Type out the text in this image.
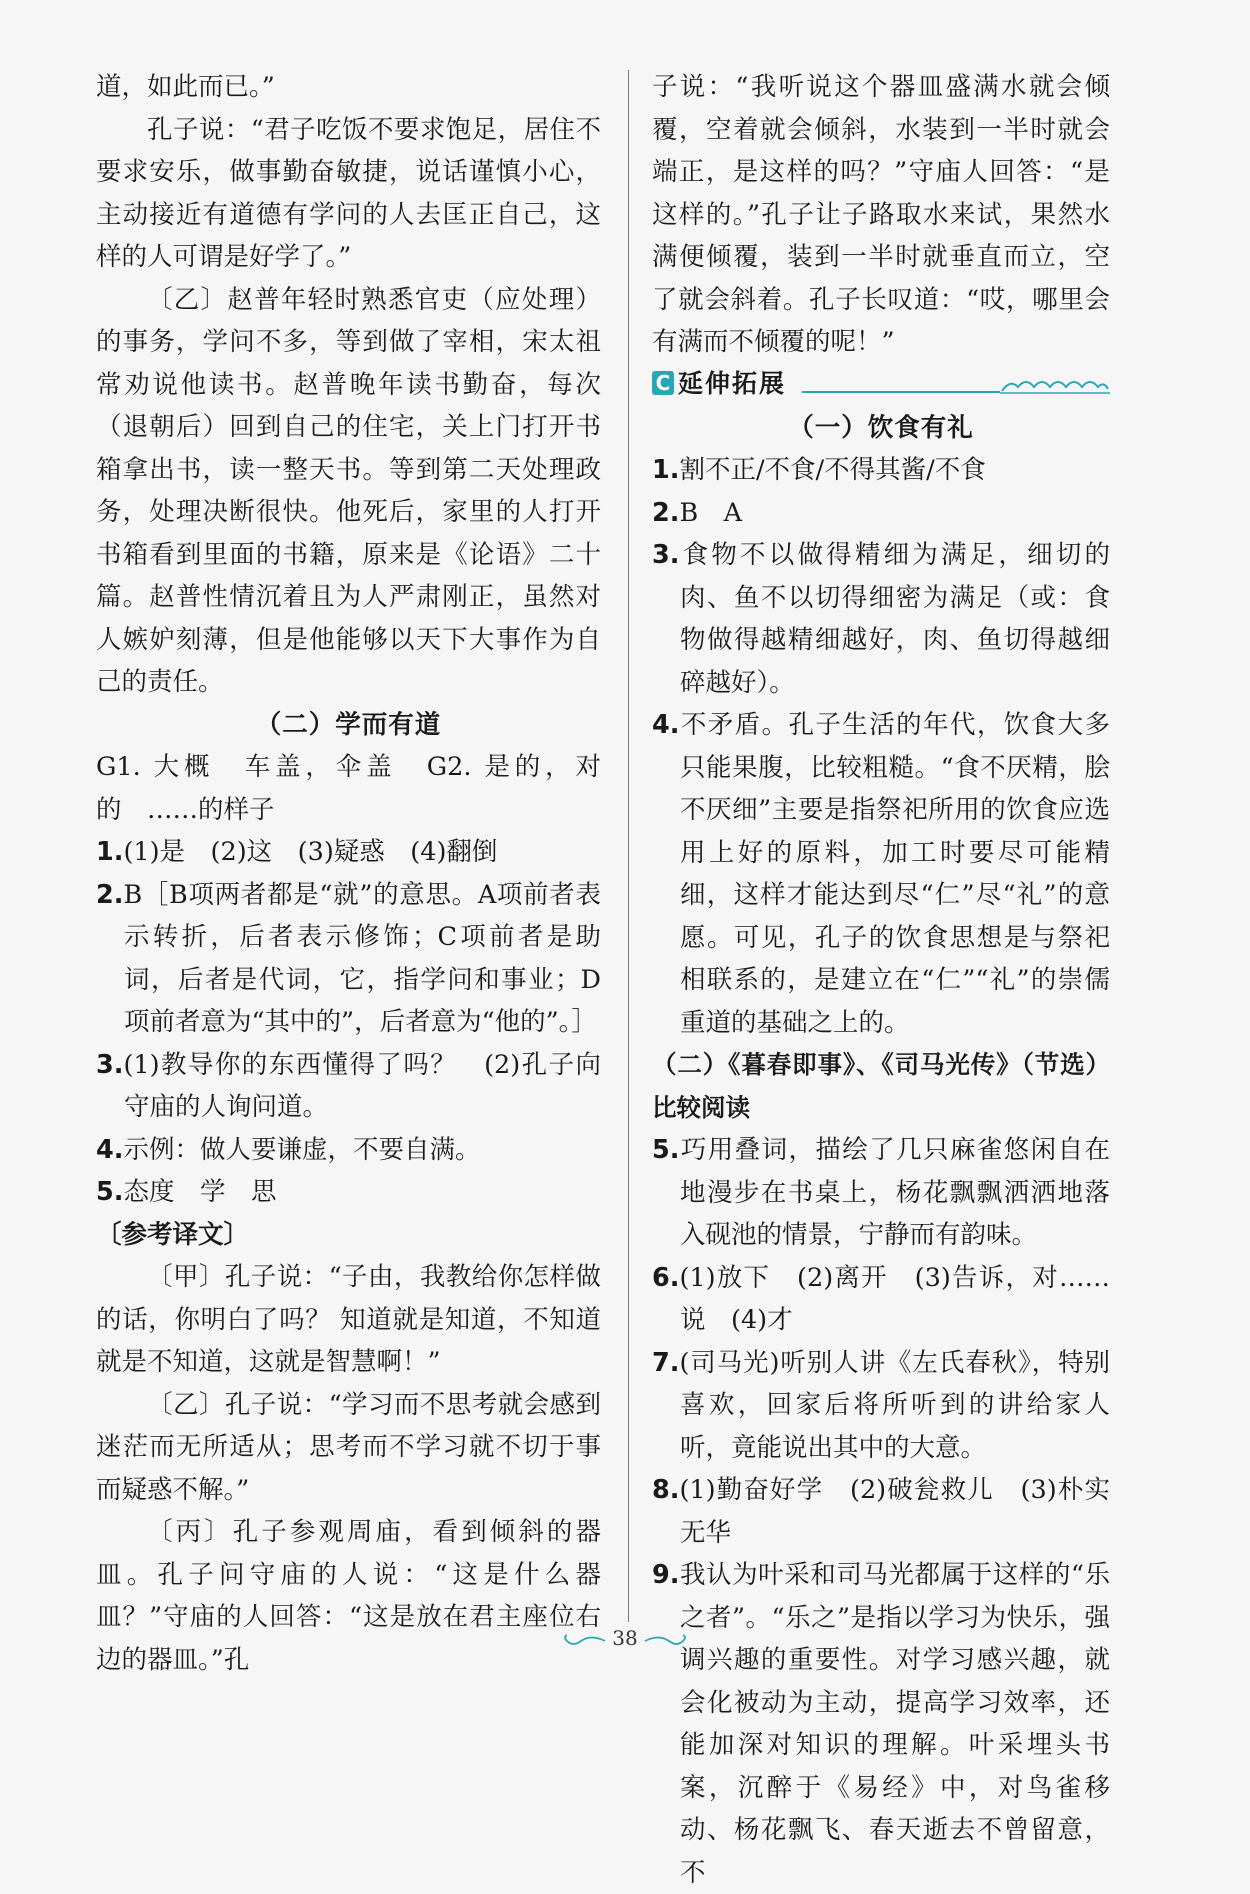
道，如此而已。”

孔子说：“君子吃饭不要求饱足，居住不要求安乐，做事勤奋敏捷，说话谨慎小心，主动接近有道德有学问的人去匡正自己，这样的人可谓是好学了。”

〔乙〕赵普年轻时熟悉官吏（应处理）的事务，学问不多，等到做了宰相，宋太祖常劝说他读书。赵普晚年读书勤奋，每次（退朝后）回到自己的住宅，关上门打开书箱拿出书，读一整天书。等到第二天处理政务，处理决断很快。他死后，家里的人打开书箱看到里面的书籍，原来是《论语》二十篇。赵普性情沉着且为人严肃刚正，虽然对人嫉妒刻薄，但是他能够以天下大事作为自己的责任。

（二）学而有道

G1. 大概　车盖，伞盖　G2. 是的，对的　……的样子

1.(1)是　(2)这　(3)疑惑　(4)翻倒

2.B［B项两者都是“就”的意思。A项前者表示转折，后者表示修饰；C项前者是助词，后者是代词，它，指学问和事业；D项前者意为“其中的”，后者意为“他的”。］

3.(1)教导你的东西懂得了吗？　(2)孔子向守庙的人询问道。

4.示例：做人要谦虚，不要自满。

5.态度　学　思

〔参考译文〕

〔甲〕孔子说：“子由，我教给你怎样做的话，你明白了吗？ 知道就是知道，不知道就是不知道，这就是智慧啊！”

〔乙〕孔子说：“学习而不思考就会感到迷茫而无所适从；思考而不学习就不切于事而疑惑不解。”

〔丙〕孔子参观周庙，看到倾斜的器皿。孔子问守庙的人说：“这是什么器皿？”守庙的人回答：“这是放在君主座位右边的器皿。”孔

子说：“我听说这个器皿盛满水就会倾覆，空着就会倾斜，水装到一半时就会端正，是这样的吗？”守庙人回答：“是这样的。”孔子让子路取水来试，果然水满便倾覆，装到一半时就垂直而立，空了就会斜着。孔子长叹道：“哎，哪里会有满而不倾覆的呢！”

C 延伸拓展

（一）饮食有礼

1.割不正/不食/不得其酱/不食

2.B　A

3.食物不以做得精细为满足，细切的肉、鱼不以切得细密为满足（或：食物做得越精细越好，肉、鱼切得越细碎越好）。

4.不矛盾。孔子生活的年代，饮食大多只能果腹，比较粗糙。“食不厌精，脍不厌细”主要是指祭祀所用的饮食应选用上好的原料，加工时要尽可能精细，这样才能达到尽“仁”尽“礼”的意愿。可见，孔子的饮食思想是与祭祀相联系的，是建立在“仁”“礼”的崇儒重道的基础之上的。

（二）《暮春即事》、《司马光传》（节选）比较阅读

5.巧用叠词，描绘了几只麻雀悠闲自在地漫步在书桌上，杨花飘飘洒洒地落入砚池的情景，宁静而有韵味。

6.(1)放下　(2)离开　(3)告诉，对……说　(4)才

7.(司马光)听别人讲《左氏春秋》，特别喜欢，回家后将所听到的讲给家人听，竟能说出其中的大意。

8.(1)勤奋好学　(2)破瓮救儿　(3)朴实无华

9.我认为叶采和司马光都属于这样的“乐之者”。“乐之”是指以学习为快乐，强调兴趣的重要性。对学习感兴趣，就会化被动为主动，提高学习效率，还能加深对知识的理解。叶采埋头书案，沉醉于《易经》中，对鸟雀移动、杨花飘飞、春天逝去不曾留意，不

38
